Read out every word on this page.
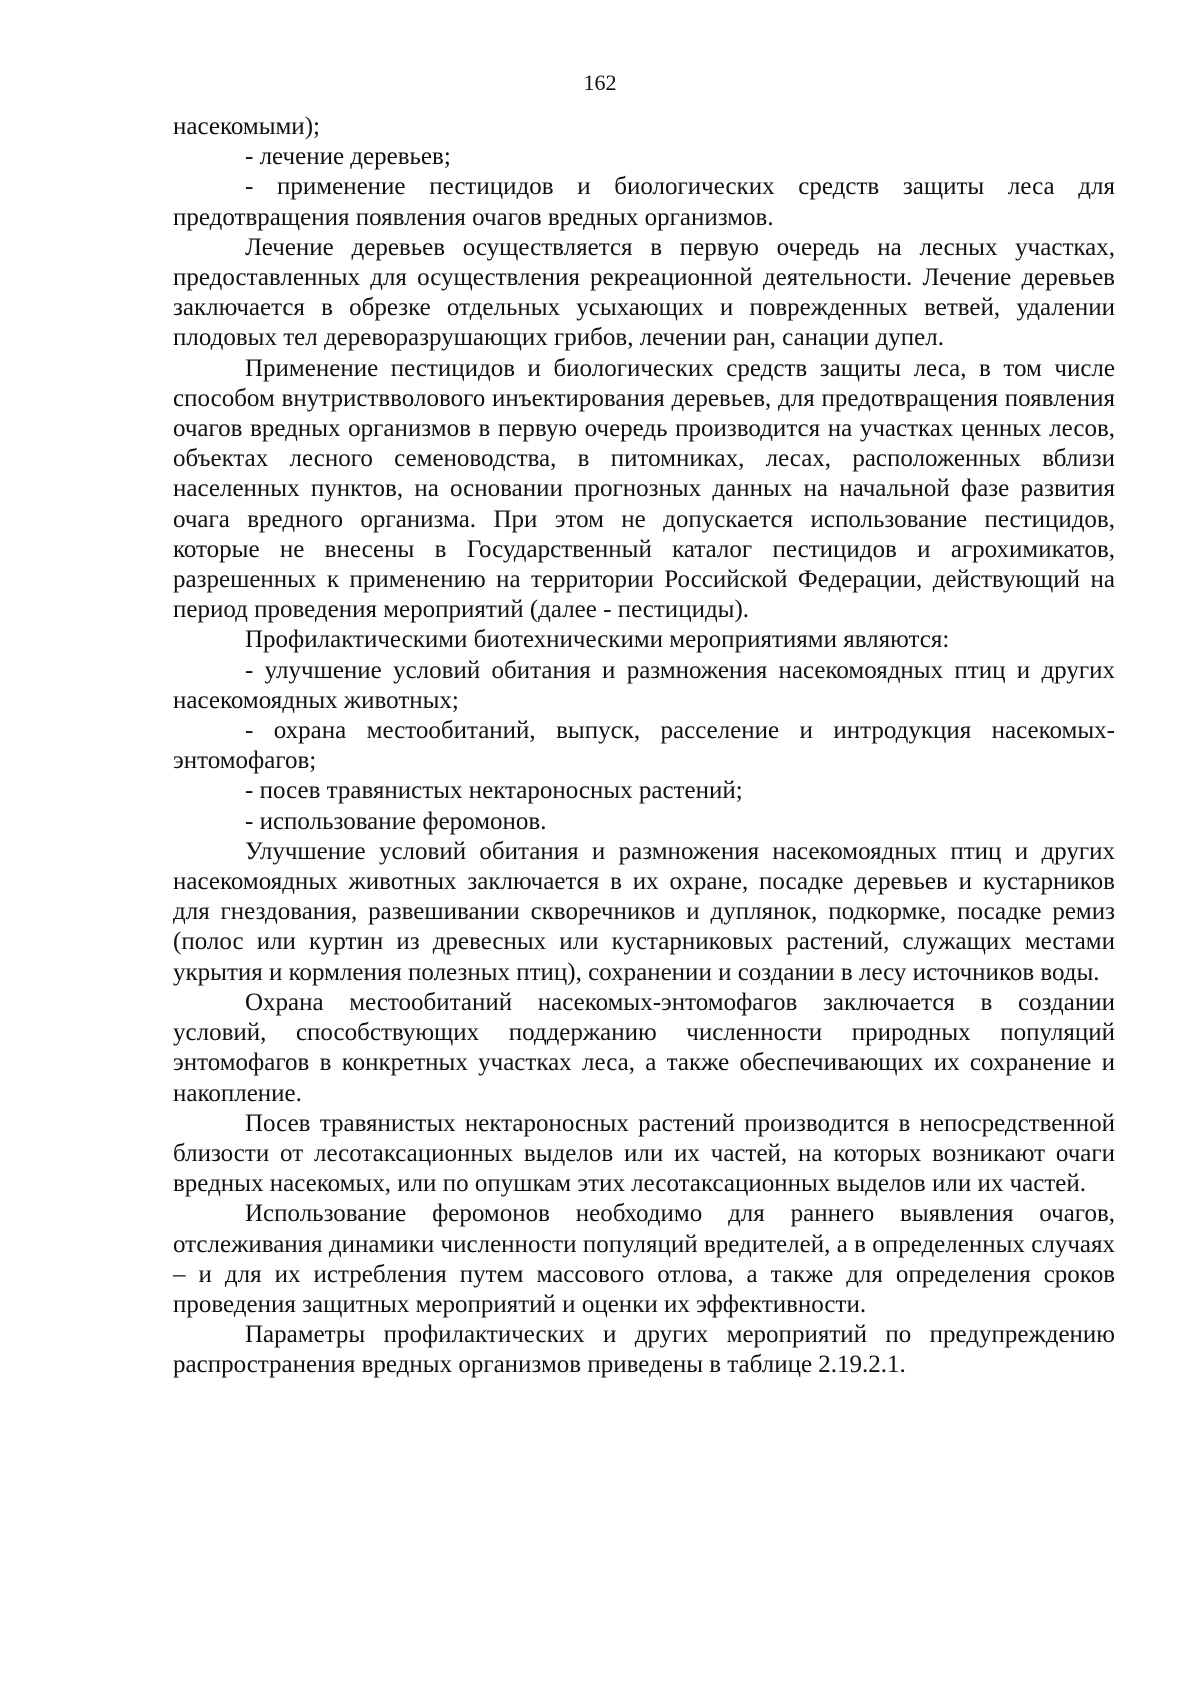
162

насекомыми);

- лечение деревьев;

- применение пестицидов и биологических средств защиты леса для предотвращения появления очагов вредных организмов.

Лечение деревьев осуществляется в первую очередь на лесных участках, предоставленных для осуществления рекреационной деятельности. Лечение деревьев заключается в обрезке отдельных усыхающих и поврежденных ветвей, удалении плодовых тел дереворазрушающих грибов, лечении ран, санации дупел.

Применение пестицидов и биологических средств защиты леса, в том числе способом внутриствволового инъектирования деревьев, для предотвращения появления очагов вредных организмов в первую очередь производится на участках ценных лесов, объектах лесного семеноводства, в питомниках, лесах, расположенных вблизи населенных пунктов, на основании прогнозных данных на начальной фазе развития очага вредного организма. При этом не допускается использование пестицидов, которые не внесены в Государственный каталог пестицидов и агрохимикатов, разрешенных к применению на территории Российской Федерации, действующий на период проведения мероприятий (далее - пестициды).

Профилактическими биотехническими мероприятиями являются:

- улучшение условий обитания и размножения насекомоядных птиц и других насекомоядных животных;

- охрана местообитаний, выпуск, расселение и интродукция насекомых-энтомофагов;

- посев травянистых нектароносных растений;

- использование феромонов.

Улучшение условий обитания и размножения насекомоядных птиц и других насекомоядных животных заключается в их охране, посадке деревьев и кустарников для гнездования, развешивании скворечников и дуплянок, подкормке, посадке ремиз (полос или куртин из древесных или кустарниковых растений, служащих местами укрытия и кормления полезных птиц), сохранении и создании в лесу источников воды.

Охрана местообитаний насекомых-энтомофагов заключается в создании условий, способствующих поддержанию численности природных популяций энтомофагов в конкретных участках леса, а также обеспечивающих их сохранение и накопление.

Посев травянистых нектароносных растений производится в непосредственной близости от лесотаксационных выделов или их частей, на которых возникают очаги вредных насекомых, или по опушкам этих лесотаксационных выделов или их частей.

Использование феромонов необходимо для раннего выявления очагов, отслеживания динамики численности популяций вредителей, а в определенных случаях – и для их истребления путем массового отлова, а также для определения сроков проведения защитных мероприятий и оценки их эффективности.

Параметры профилактических и других мероприятий по предупреждению распространения вредных организмов приведены в таблице 2.19.2.1.
